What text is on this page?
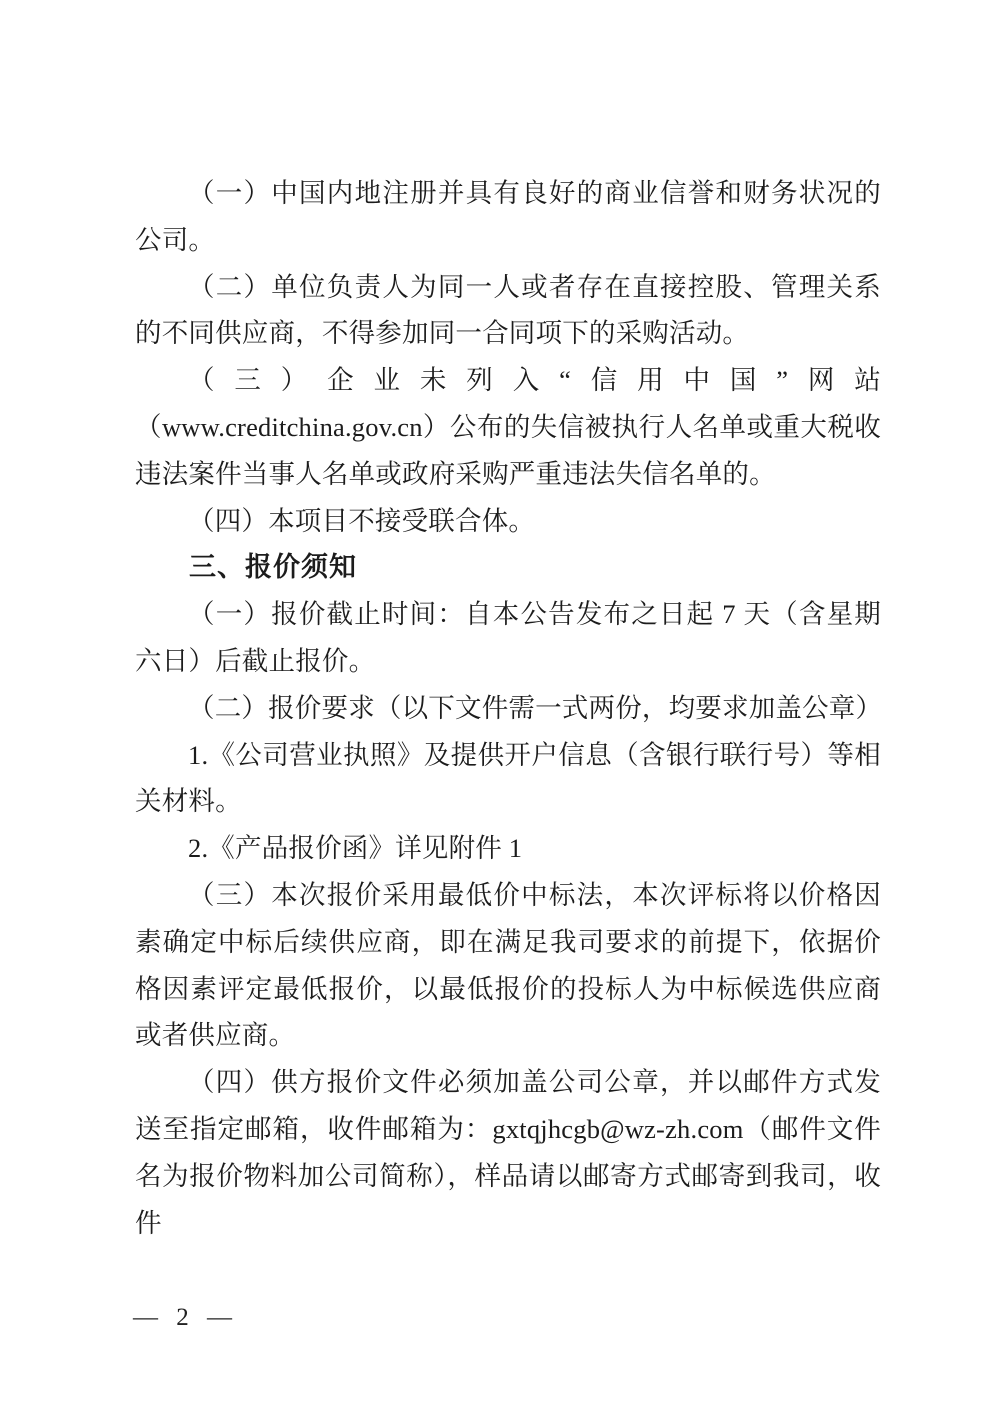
（一）中国内地注册并具有良好的商业信誉和财务状况的公司。

（二）单位负责人为同一人或者存在直接控股、管理关系的不同供应商，不得参加同一合同项下的采购活动。

（三）企业未列入“信用中国”网站（www.creditchina.gov.cn）公布的失信被执行人名单或重大税收违法案件当事人名单或政府采购严重违法失信名单的。

（四）本项目不接受联合体。

三、报价须知

（一）报价截止时间：自本公告发布之日起 7 天（含星期六日）后截止报价。

（二）报价要求（以下文件需一式两份，均要求加盖公章）

1.《公司营业执照》及提供开户信息（含银行联行号）等相关材料。

2.《产品报价函》详见附件 1

（三）本次报价采用最低价中标法，本次评标将以价格因素确定中标后续供应商，即在满足我司要求的前提下，依据价格因素评定最低报价，以最低报价的投标人为中标候选供应商或者供应商。

（四）供方报价文件必须加盖公司公章，并以邮件方式发送至指定邮箱，收件邮箱为：gxtqjhcgb@wz-zh.com（邮件文件名为报价物料加公司简称），样品请以邮寄方式邮寄到我司，收件

— 2 —
